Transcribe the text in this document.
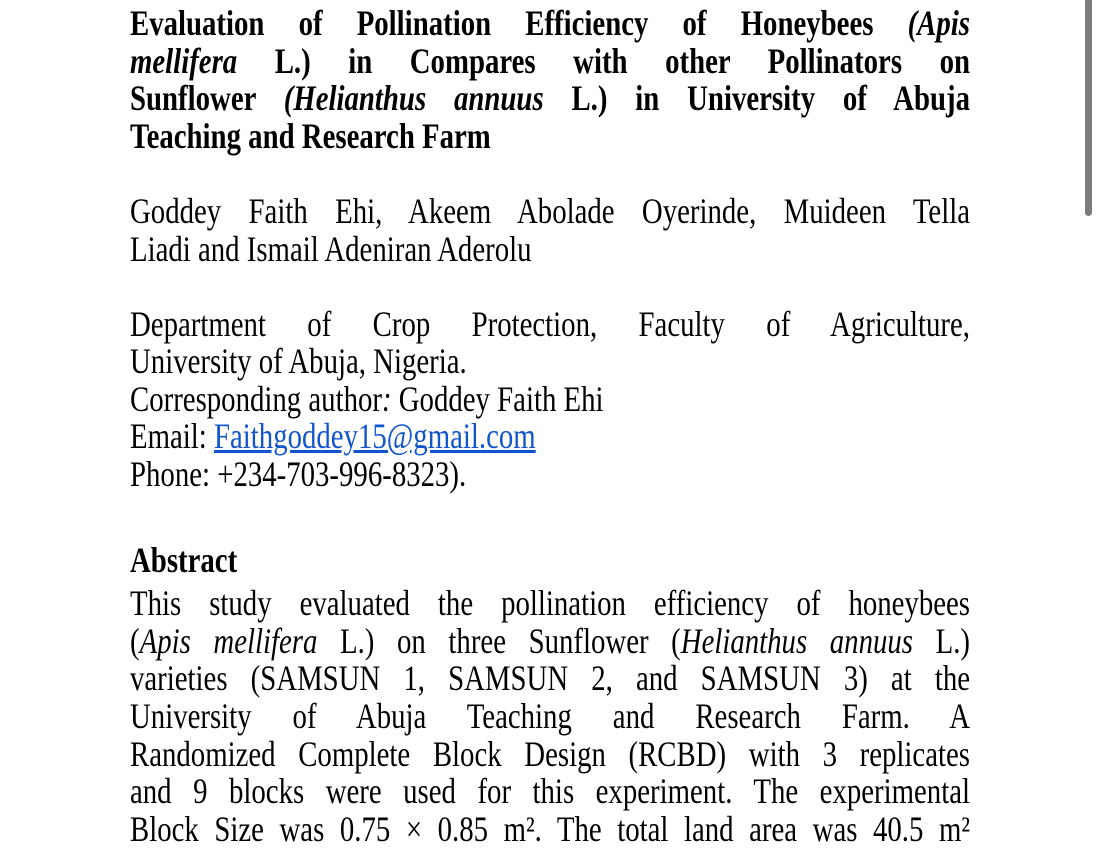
Evaluation of Pollination Efficiency of Honeybees (Apis
mellifera L.) in Compares with other Pollinators on
Sunflower (Helianthus annuus L.) in University of Abuja
Teaching and Research Farm
Goddey Faith Ehi, Akeem Abolade Oyerinde, Muideen Tella
Liadi and Ismail Adeniran Aderolu
Department of Crop Protection, Faculty of Agriculture,
University of Abuja, Nigeria.
Corresponding author: Goddey Faith Ehi
Email: Faithgoddey15@gmail.com
Phone: +234-703-996-8323).
Abstract
This study evaluated the pollination efficiency of honeybees
(Apis mellifera L.) on three Sunflower (Helianthus annuus L.)
varieties (SAMSUN 1, SAMSUN 2, and SAMSUN 3) at the
University of Abuja Teaching and Research Farm. A
Randomized Complete Block Design (RCBD) with 3 replicates
and 9 blocks were used for this experiment. The experimental
Block Size was 0.75 × 0.85 m². The total land area was 40.5 m²
